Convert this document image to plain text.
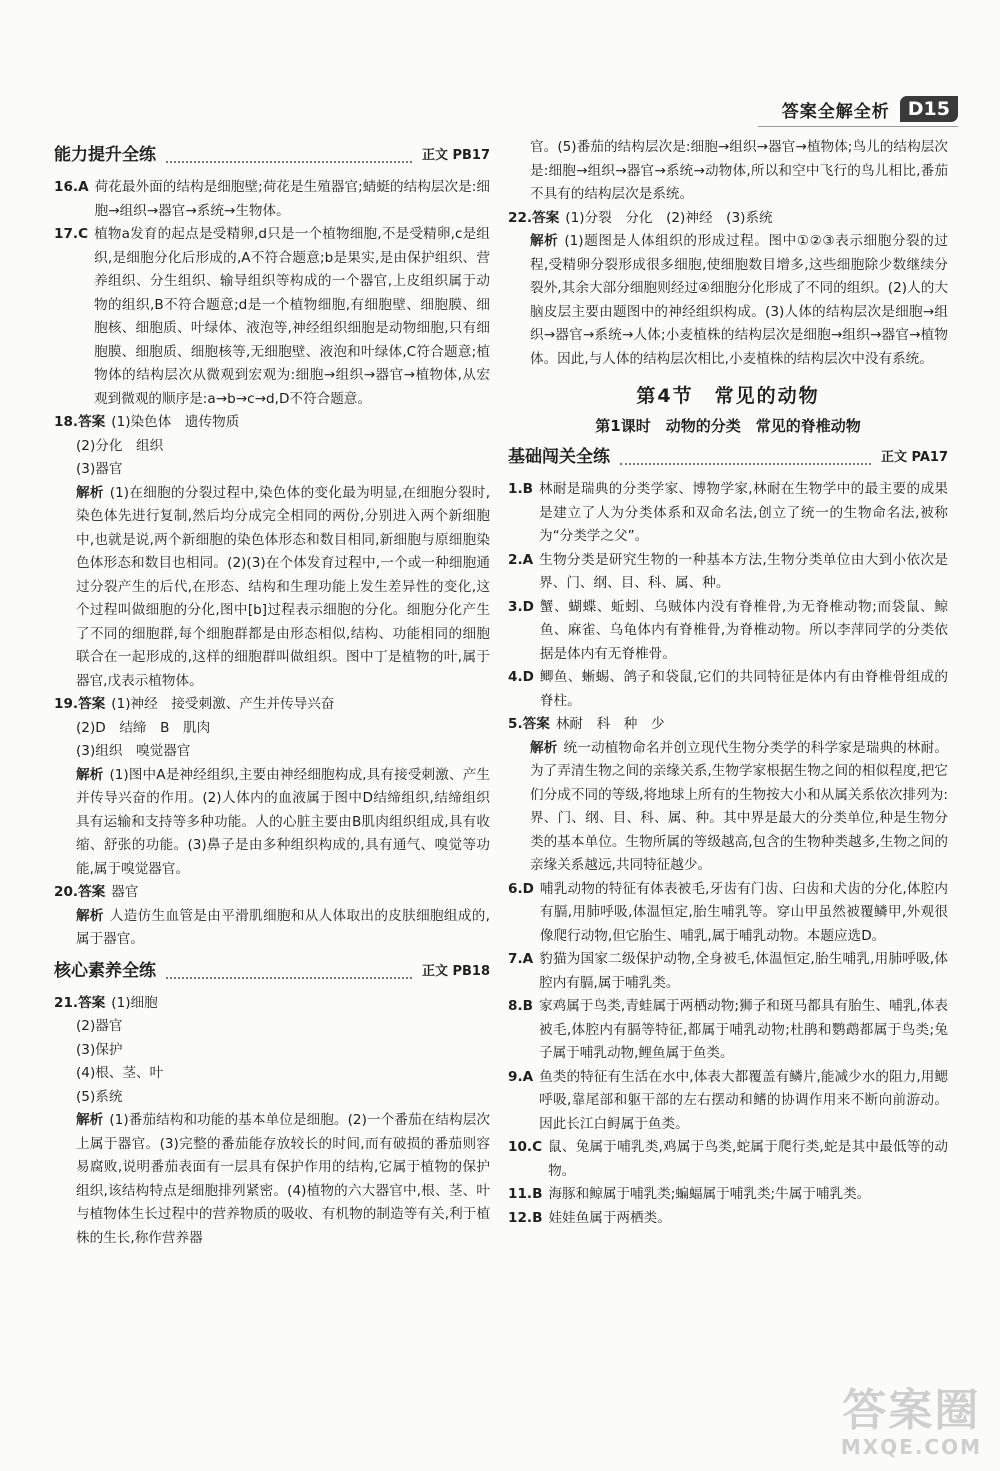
答案全解全析 D15
能力提升全练	正文 PB17
16.A 荷花最外面的结构是细胞壁;荷花是生殖器官;蜻蜓的结构层次是:细胞→组织→器官→系统→生物体。
17.C 植物a发育的起点是受精卵,d只是一个植物细胞,不是受精卵,c是组织,是细胞分化后形成的,A不符合题意;b是果实,是由保护组织、营养组织、分生组织、输导组织等构成的一个器官,上皮组织属于动物的组织,B不符合题意;d是一个植物细胞,有细胞壁、细胞膜、细胞核、细胞质、叶绿体、液泡等,神经组织细胞是动物细胞,只有细胞膜、细胞质、细胞核等,无细胞壁、液泡和叶绿体,C符合题意;植物体的结构层次从微观到宏观为:细胞→组织→器官→植物体,从宏观到微观的顺序是:a→b→c→d,D不符合题意。
18.答案 (1)染色体　遗传物质
(2)分化　组织
(3)器官
解析 (1)在细胞的分裂过程中,染色体的变化最为明显,在细胞分裂时,染色体先进行复制,然后均分成完全相同的两份,分别进入两个新细胞中,也就是说,两个新细胞的染色体形态和数目相同,新细胞与原细胞染色体形态和数目也相同。(2)(3)在个体发育过程中,一个或一种细胞通过分裂产生的后代,在形态、结构和生理功能上发生差异性的变化,这个过程叫做细胞的分化,图中[b]过程表示细胞的分化。细胞分化产生了不同的细胞群,每个细胞群都是由形态相似,结构、功能相同的细胞联合在一起形成的,这样的细胞群叫做组织。图中丁是植物的叶,属于器官,戊表示植物体。
19.答案 (1)神经　接受刺激、产生并传导兴奋
(2)D　结缔　B　肌肉
(3)组织　嗅觉器官
解析 (1)图中A是神经组织,主要由神经细胞构成,具有接受刺激、产生并传导兴奋的作用。(2)人体内的血液属于图中D结缔组织,结缔组织具有运输和支持等多种功能。人的心脏主要由B肌肉组织组成,具有收缩、舒张的功能。(3)鼻子是由多种组织构成的,具有通气、嗅觉等功能,属于嗅觉器官。
20.答案 器官
解析 人造仿生血管是由平滑肌细胞和从人体取出的皮肤细胞组成的,属于器官。
核心素养全练	正文 PB18
21.答案 (1)细胞
(2)器官
(3)保护
(4)根、茎、叶
(5)系统
解析 (1)番茄结构和功能的基本单位是细胞。(2)一个番茄在结构层次上属于器官。(3)完整的番茄能存放较长的时间,而有破损的番茄则容易腐败,说明番茄表面有一层具有保护作用的结构,它属于植物的保护组织,该结构特点是细胞排列紧密。(4)植物的六大器官中,根、茎、叶与植物体生长过程中的营养物质的吸收、有机物的制造等有关,利于植株的生长,称作营养器
官。(5)番茄的结构层次是:细胞→组织→器官→植物体;鸟儿的结构层次是:细胞→组织→器官→系统→动物体,所以和空中飞行的鸟儿相比,番茄不具有的结构层次是系统。
22.答案 (1)分裂　分化　(2)神经　(3)系统
解析 (1)题图是人体组织的形成过程。图中①②③表示细胞分裂的过程,受精卵分裂形成很多细胞,使细胞数目增多,这些细胞除少数继续分裂外,其余大部分细胞则经过④细胞分化形成了不同的组织。(2)人的大脑皮层主要由题图中的神经组织构成。(3)人体的结构层次是细胞→组织→器官→系统→人体;小麦植株的结构层次是细胞→组织→器官→植物体。因此,与人体的结构层次相比,小麦植株的结构层次中没有系统。
第4节　常见的动物
第1课时　动物的分类　常见的脊椎动物
基础闯关全练	正文 PA17
1.B 林耐是瑞典的分类学家、博物学家,林耐在生物学中的最主要的成果是建立了人为分类体系和双命名法,创立了统一的生物命名法,被称为“分类学之父”。
2.A 生物分类是研究生物的一种基本方法,生物分类单位由大到小依次是界、门、纲、目、科、属、种。
3.D 蟹、蝴蝶、蚯蚓、乌贼体内没有脊椎骨,为无脊椎动物;而袋鼠、鲸鱼、麻雀、乌龟体内有脊椎骨,为脊椎动物。所以李萍同学的分类依据是体内有无脊椎骨。
4.D 鲫鱼、蜥蜴、鸽子和袋鼠,它们的共同特征是体内有由脊椎骨组成的脊柱。
5.答案 林耐　科　种　少
解析 统一动植物命名并创立现代生物分类学的科学家是瑞典的林耐。为了弄清生物之间的亲缘关系,生物学家根据生物之间的相似程度,把它们分成不同的等级,将地球上所有的生物按大小和从属关系依次排列为:界、门、纲、目、科、属、种。其中界是最大的分类单位,种是生物分类的基本单位。生物所属的等级越高,包含的生物种类越多,生物之间的亲缘关系越远,共同特征越少。
6.D 哺乳动物的特征有体表被毛,牙齿有门齿、臼齿和犬齿的分化,体腔内有膈,用肺呼吸,体温恒定,胎生哺乳等。穿山甲虽然被覆鳞甲,外观很像爬行动物,但它胎生、哺乳,属于哺乳动物。本题应选D。
7.A 豹猫为国家二级保护动物,全身被毛,体温恒定,胎生哺乳,用肺呼吸,体腔内有膈,属于哺乳类。
8.B 家鸡属于鸟类,青蛙属于两栖动物;狮子和斑马都具有胎生、哺乳,体表被毛,体腔内有膈等特征,都属于哺乳动物;杜鹃和鹦鹉都属于鸟类;兔子属于哺乳动物,鲤鱼属于鱼类。
9.A 鱼类的特征有生活在水中,体表大都覆盖有鳞片,能减少水的阻力,用鳃呼吸,靠尾部和躯干部的左右摆动和鳍的协调作用来不断向前游动。因此长江白鲟属于鱼类。
10.C 鼠、兔属于哺乳类,鸡属于鸟类,蛇属于爬行类,蛇是其中最低等的动物。
11.B 海豚和鲸属于哺乳类;蝙蝠属于哺乳类;牛属于哺乳类。
12.B 娃娃鱼属于两栖类。
答案圈
MXQE.COM
